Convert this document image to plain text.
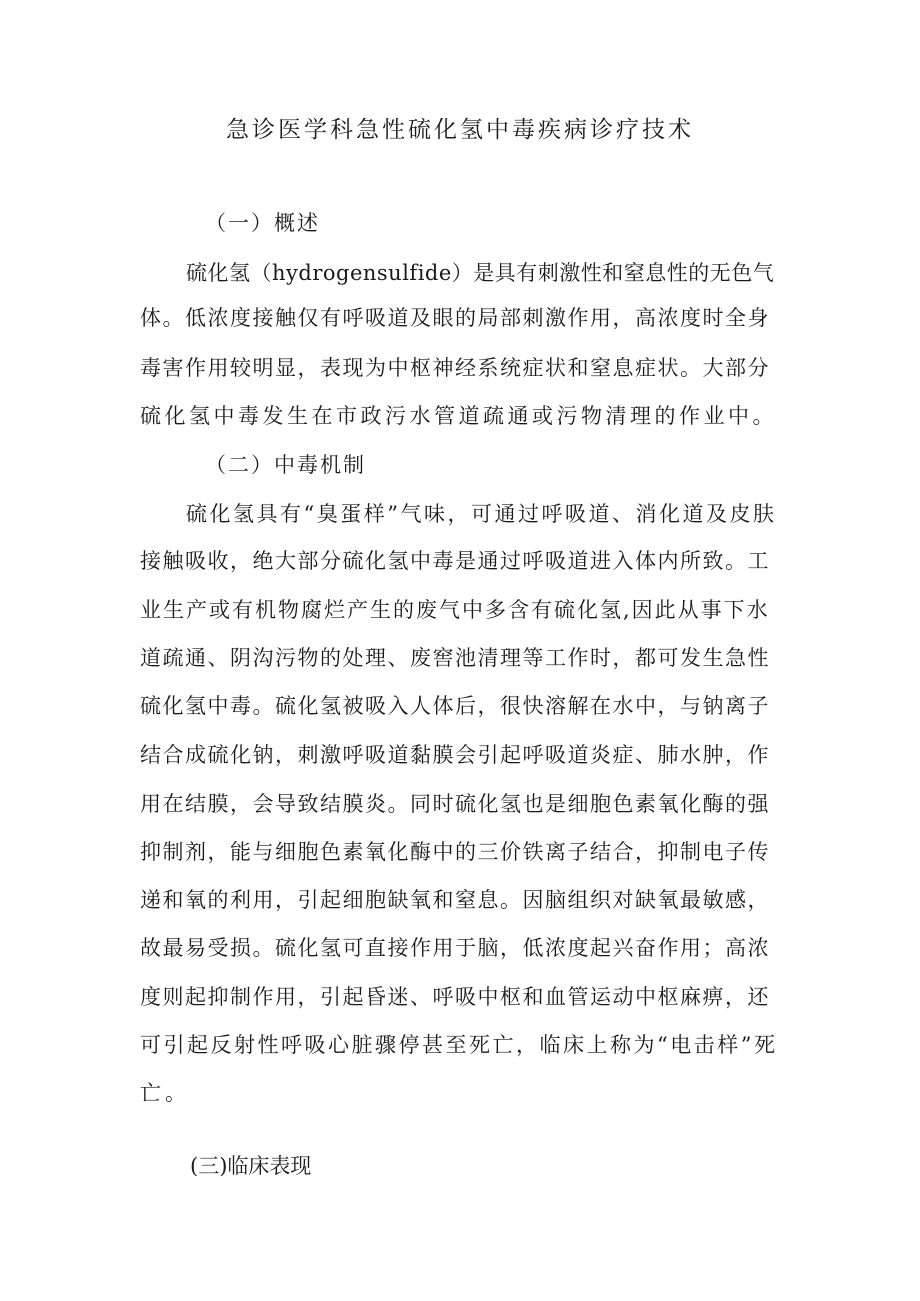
急诊医学科急性硫化氢中毒疾病诊疗技术
（一）概述
硫化氢（hydrogensulfide）是具有刺激性和窒息性的无色气
体。低浓度接触仅有呼吸道及眼的局部刺激作用，高浓度时全身
毒害作用较明显，表现为中枢神经系统症状和窒息症状。大部分
硫化氢中毒发生在市政污水管道疏通或污物清理的作业中。
（二）中毒机制
硫化氢具有“臭蛋样”气味，可通过呼吸道、消化道及皮肤
接触吸收，绝大部分硫化氢中毒是通过呼吸道进入体内所致。工
业生产或有机物腐烂产生的废气中多含有硫化氢,因此从事下水
道疏通、阴沟污物的处理、废窖池清理等工作时，都可发生急性
硫化氢中毒。硫化氢被吸入人体后，很快溶解在水中，与钠离子
结合成硫化钠，刺激呼吸道黏膜会引起呼吸道炎症、肺水肿，作
用在结膜，会导致结膜炎。同时硫化氢也是细胞色素氧化酶的强
抑制剂，能与细胞色素氧化酶中的三价铁离子结合，抑制电子传
递和氧的利用，引起细胞缺氧和窒息。因脑组织对缺氧最敏感，
故最易受损。硫化氢可直接作用于脑，低浓度起兴奋作用；高浓
度则起抑制作用，引起昏迷、呼吸中枢和血管运动中枢麻痹，还
可引起反射性呼吸心脏骤停甚至死亡，临床上称为“电击样”死
亡。
(三)临床表现
